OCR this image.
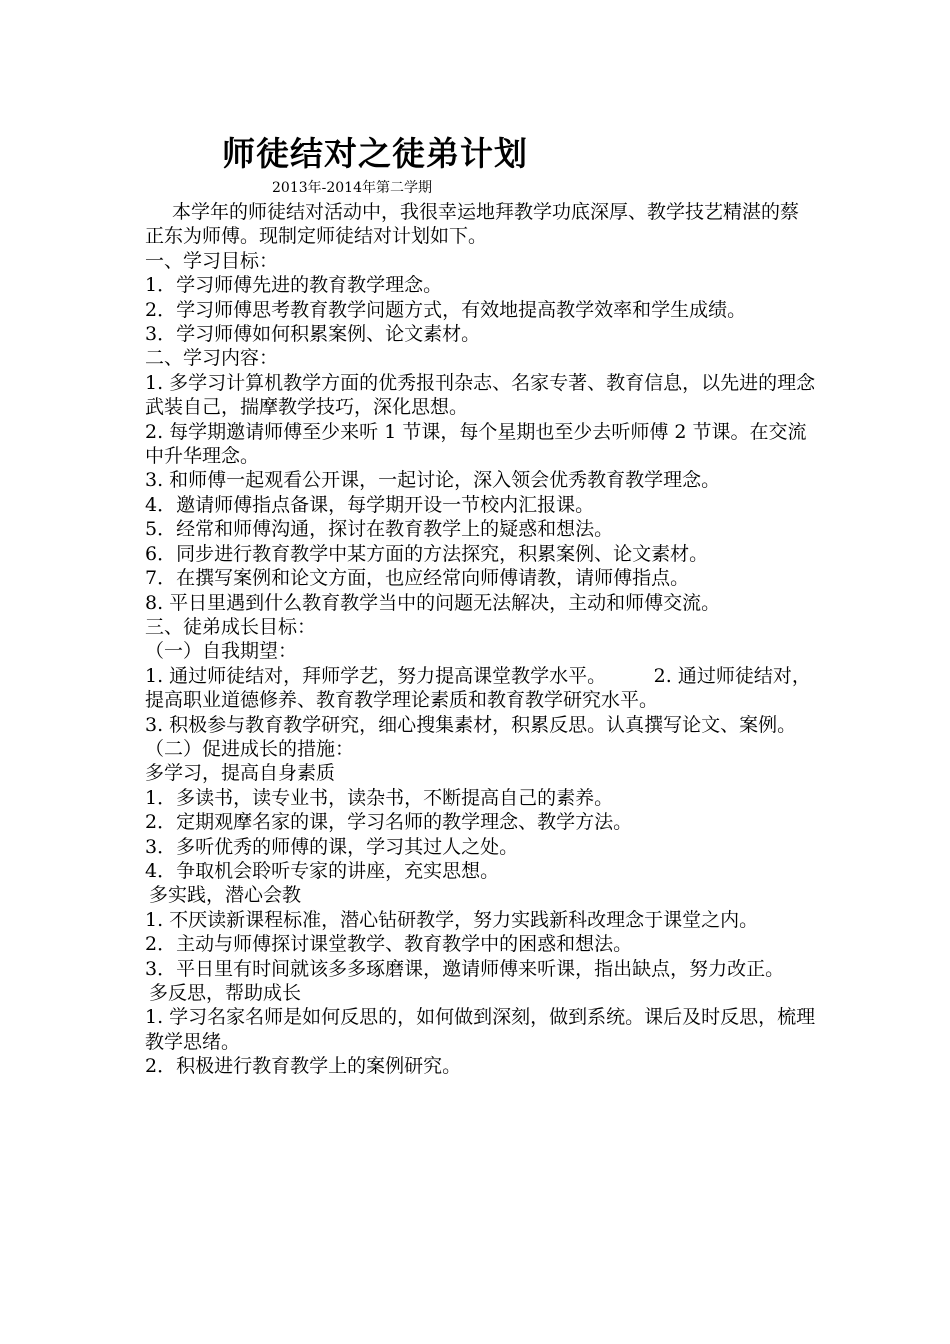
师徒结对之徒弟计划
2013年-2014年第二学期

本学年的师徒结对活动中，我很幸运地拜教学功底深厚、教学技艺精湛的蔡正东为师傅。现制定师徒结对计划如下。

一、学习目标：

1．学习师傅先进的教育教学理念。

2．学习师傅思考教育教学问题方式，有效地提高教学效率和学生成绩。

3．学习师傅如何积累案例、论文素材。

二、学习内容：

1. 多学习计算机教学方面的优秀报刊杂志、名家专著、教育信息，以先进的理念武装自己，揣摩教学技巧，深化思想。

2. 每学期邀请师傅至少来听 1 节课，每个星期也至少去听师傅 2 节课。在交流中升华理念。

3. 和师傅一起观看公开课，一起讨论，深入领会优秀教育教学理念。

4．邀请师傅指点备课，每学期开设一节校内汇报课。

5．经常和师傅沟通，探讨在教育教学上的疑惑和想法。

6．同步进行教育教学中某方面的方法探究，积累案例、论文素材。

7．在撰写案例和论文方面，也应经常向师傅请教，请师傅指点。

8. 平日里遇到什么教育教学当中的问题无法解决，主动和师傅交流。

三、徒弟成长目标：

（一）自我期望：

1. 通过师徒结对，拜师学艺，努力提高课堂教学水平。　　　2. 通过师徒结对，提高职业道德修养、教育教学理论素质和教育教学研究水平。

3. 积极参与教育教学研究，细心搜集素材，积累反思。认真撰写论文、案例。

（二）促进成长的措施：

多学习，提高自身素质

1．多读书，读专业书，读杂书，不断提高自己的素养。

2．定期观摩名家的课，学习名师的教学理念、教学方法。

3．多听优秀的师傅的课，学习其过人之处。

4．争取机会聆听专家的讲座，充实思想。

多实践，潜心会教

1. 不厌读新课程标准，潜心钻研教学，努力实践新科改理念于课堂之内。

2．主动与师傅探讨课堂教学、教育教学中的困惑和想法。

3．平日里有时间就该多多琢磨课，邀请师傅来听课，指出缺点，努力改正。

多反思，帮助成长

1. 学习名家名师是如何反思的，如何做到深刻，做到系统。课后及时反思，梳理教学思绪。

2．积极进行教育教学上的案例研究。
